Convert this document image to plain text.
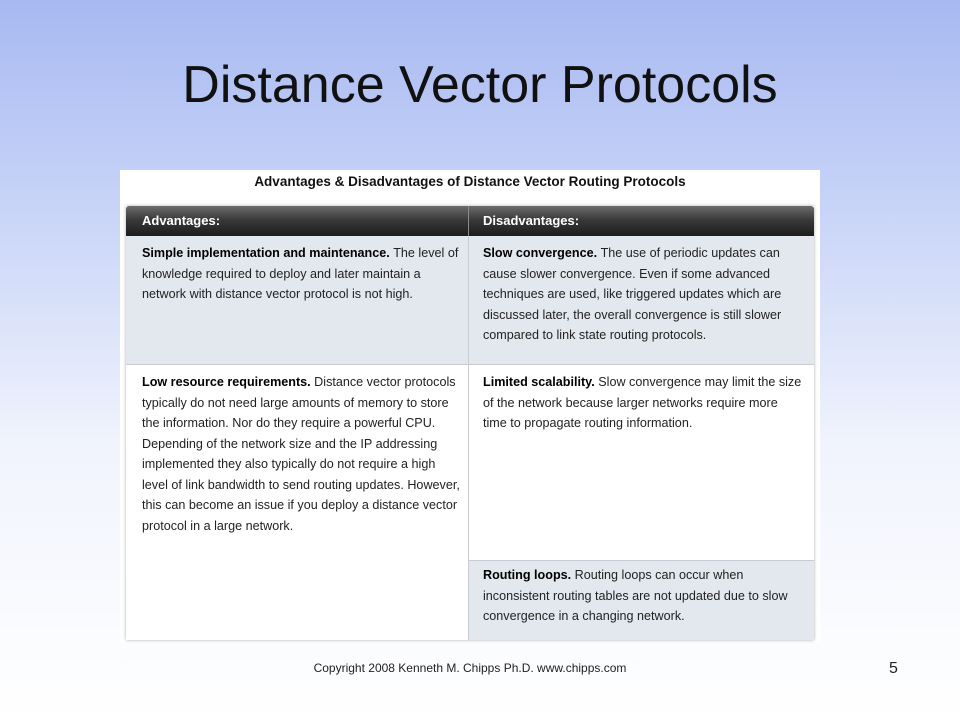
Distance Vector Protocols
Advantages & Disadvantages of Distance Vector Routing Protocols
Advantages:	Disadvantages:
Simple implementation and maintenance. The level of knowledge required to deploy and later maintain a network with distance vector protocol is not high.
Low resource requirements. Distance vector protocols typically do not need large amounts of memory to store the information. Nor do they require a powerful CPU. Depending of the network size and the IP addressing implemented they also typically do not require a high level of link bandwidth to send routing updates. However, this can become an issue if you deploy a distance vector protocol in a large network.
Slow convergence. The use of periodic updates can cause slower convergence. Even if some advanced techniques are used, like triggered updates which are discussed later, the overall convergence is still slower compared to link state routing protocols.
Limited scalability. Slow convergence may limit the size of the network because larger networks require more time to propagate routing information.
Routing loops. Routing loops can occur when inconsistent routing tables are not updated due to slow convergence in a changing network.
Copyright 2008 Kenneth M. Chipps Ph.D. www.chipps.com	5
